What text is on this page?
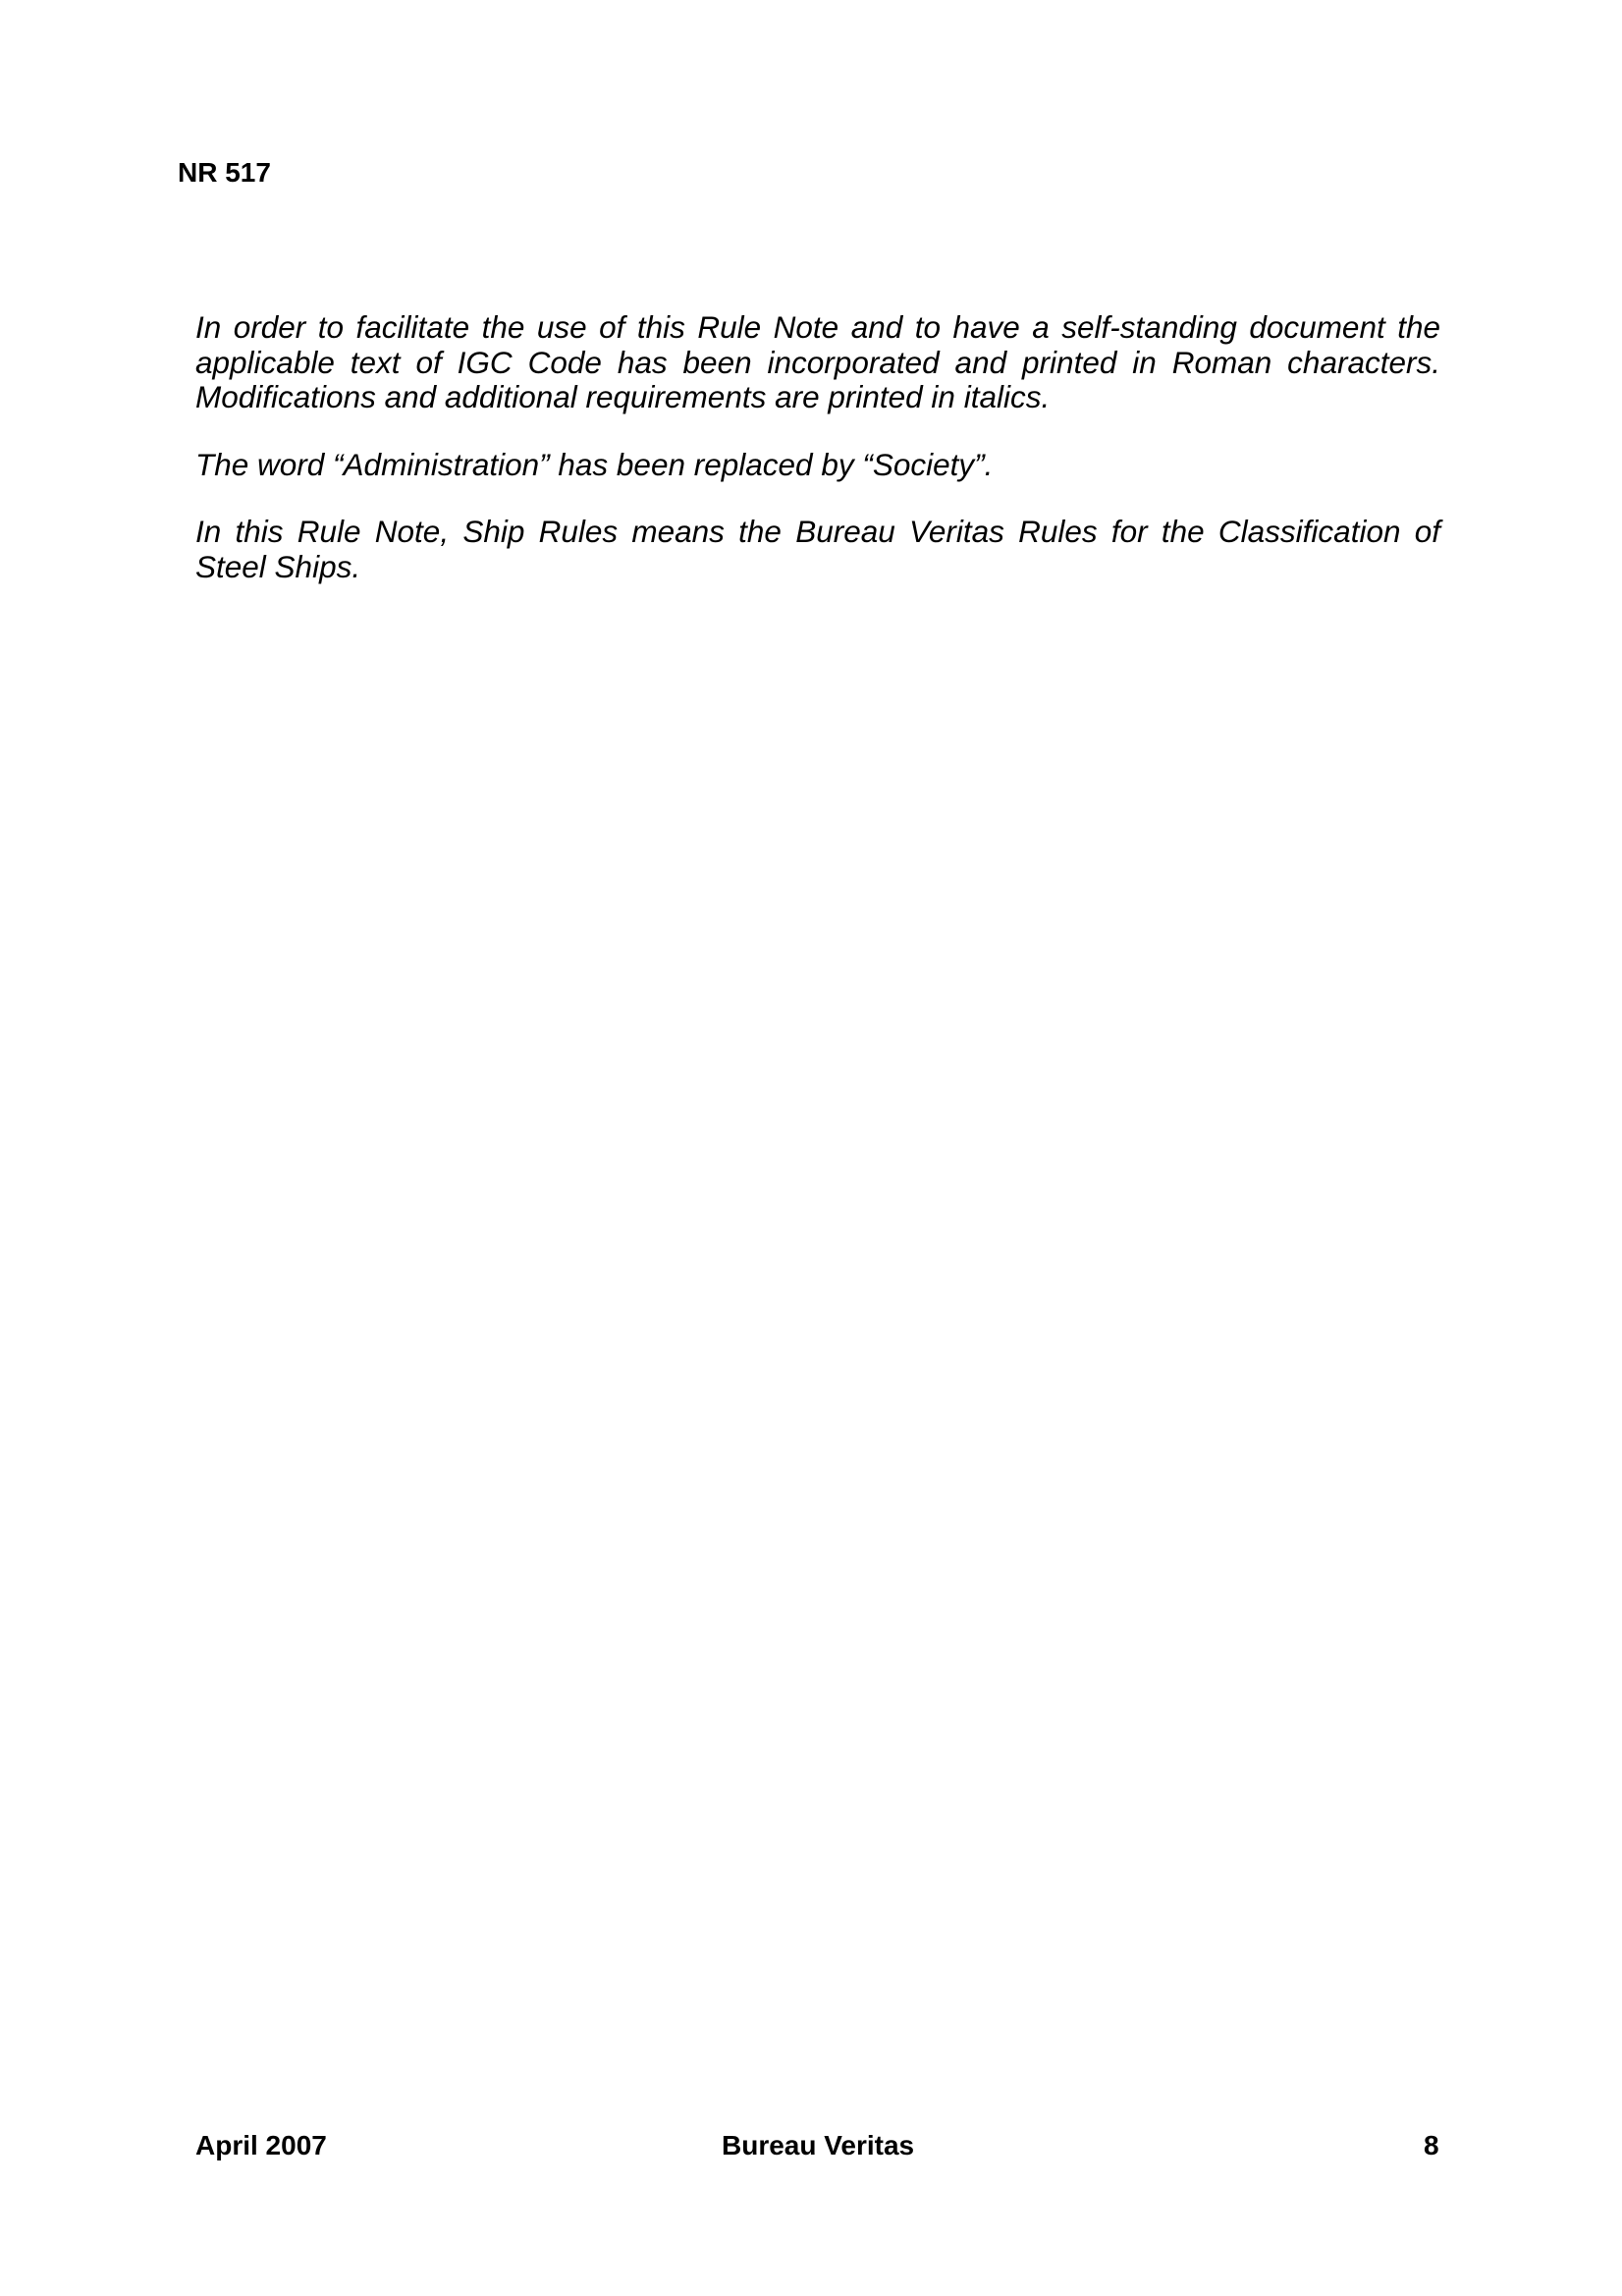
NR 517

In order to facilitate the use of this Rule Note and to have a self-standing document the applicable text of IGC Code has been incorporated and printed in Roman characters. Modifications and additional requirements are printed in italics.

The word “Administration” has been replaced by “Society”.

In this Rule Note, Ship Rules means the Bureau Veritas Rules for the Classification of Steel Ships.

April 2007	Bureau Veritas	8
